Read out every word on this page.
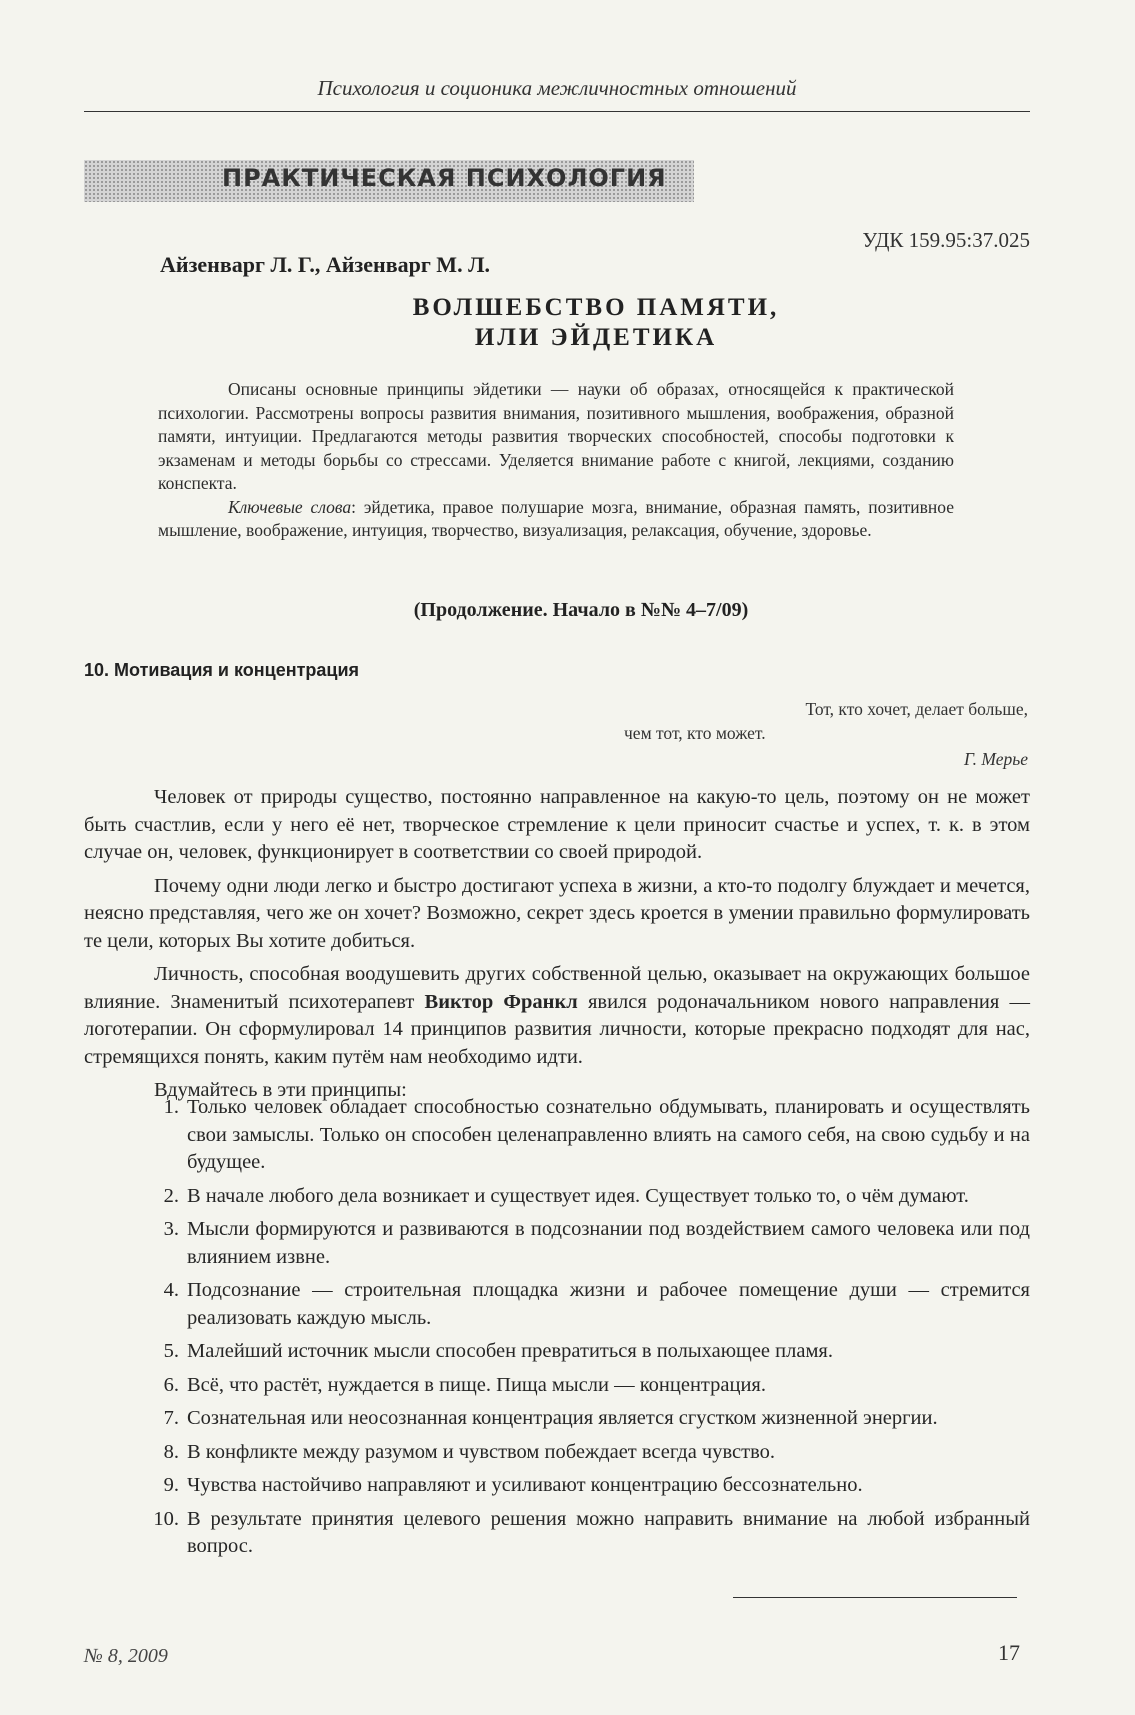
Психология и соционика межличностных отношений
ПРАКТИЧЕСКАЯ ПСИХОЛОГИЯ
УДК 159.95:37.025
Айзенварг Л. Г., Айзенварг М. Л.
ВОЛШЕБСТВО ПАМЯТИ,
ИЛИ ЭЙДЕТИКА

Описаны основные принципы эйдетики — науки об образах, относящейся к практической психологии. Рассмотрены вопросы развития внимания, позитивного мышления, воображения, образной памяти, интуиции. Предлагаются методы развития творческих способностей, способы подготовки к экзаменам и методы борьбы со стрессами. Уделяется внимание работе с книгой, лекциями, созданию конспекта.

Ключевые слова: эйдетика, правое полушарие мозга, внимание, образная память, позитивное мышление, воображение, интуиция, творчество, визуализация, релаксация, обучение, здоровье.

(Продолжение. Начало в №№ 4–7/09)
10. Мотивация и концентрация
Тот, кто хочет, делает больше,
чем тот, кто может.
Г. Мерье

Человек от природы существо, постоянно направленное на какую-то цель, поэтому он не может быть счастлив, если у него её нет, творческое стремление к цели приносит счастье и успех, т. к. в этом случае он, человек, функционирует в соответствии со своей природой.

Почему одни люди легко и быстро достигают успеха в жизни, а кто-то подолгу блуждает и мечется, неясно представляя, чего же он хочет? Возможно, секрет здесь кроется в умении правильно формулировать те цели, которых Вы хотите добиться.

Личность, способная воодушевить других собственной целью, оказывает на окружающих большое влияние. Знаменитый психотерапевт Виктор Франкл явился родоначальником нового направления — логотерапии. Он сформулировал 14 принципов развития личности, которые прекрасно подходят для нас, стремящихся понять, каким путём нам необходимо идти.

Вдумайтесь в эти принципы:

1. Только человек обладает способностью сознательно обдумывать, планировать и осуществлять свои замыслы. Только он способен целенаправленно влиять на самого себя, на свою судьбу и на будущее.
2. В начале любого дела возникает и существует идея. Существует только то, о чём думают.
3. Мысли формируются и развиваются в подсознании под воздействием самого человека или под влиянием извне.
4. Подсознание — строительная площадка жизни и рабочее помещение души — стремится реализовать каждую мысль.
5. Малейший источник мысли способен превратиться в полыхающее пламя.
6. Всё, что растёт, нуждается в пище. Пища мысли — концентрация.
7. Сознательная или неосознанная концентрация является сгустком жизненной энергии.
8. В конфликте между разумом и чувством побеждает всегда чувство.
9. Чувства настойчиво направляют и усиливают концентрацию бессознательно.
10. В результате принятия целевого решения можно направить внимание на любой избранный вопрос.
№ 8, 2009	17
